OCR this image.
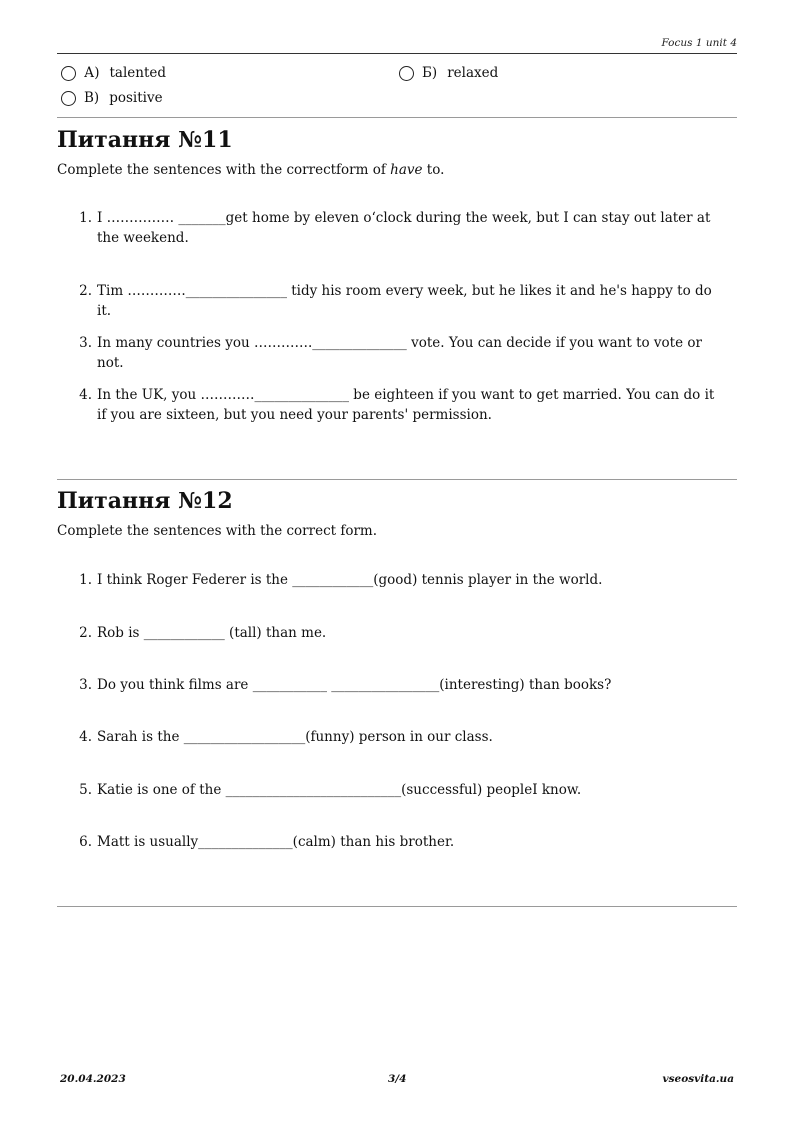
Focus 1 unit 4
А) talented	Б) relaxed
В) positive
Питання №11
Complete the sentences with the correctform of have to.
1. I …………… _______get home by eleven o‘clock during the week, but I can stay out later at the weekend.
2. Tim …………._______________ tidy his room every week, but he likes it and he's happy to do it.
3. In many countries you ………….______________ vote. You can decide if you want to vote or not.
4. In the UK, you …………______________ be eighteen if you want to get married. You can do it if you are sixteen, but you need your parents' permission.
Питання №12
Complete the sentences with the correct form.
1. I think Roger Federer is the ____________(good) tennis player in the world.
2. Rob is ____________ (tall) than me.
3. Do you think films are ___________ ________________(interesting) than books?
4. Sarah is the __________________(funny) person in our class.
5. Katie is one of the __________________________(successful) peopleI know.
6. Matt is usually______________(calm) than his brother.
20.04.2023	3/4	vseosvita.ua
